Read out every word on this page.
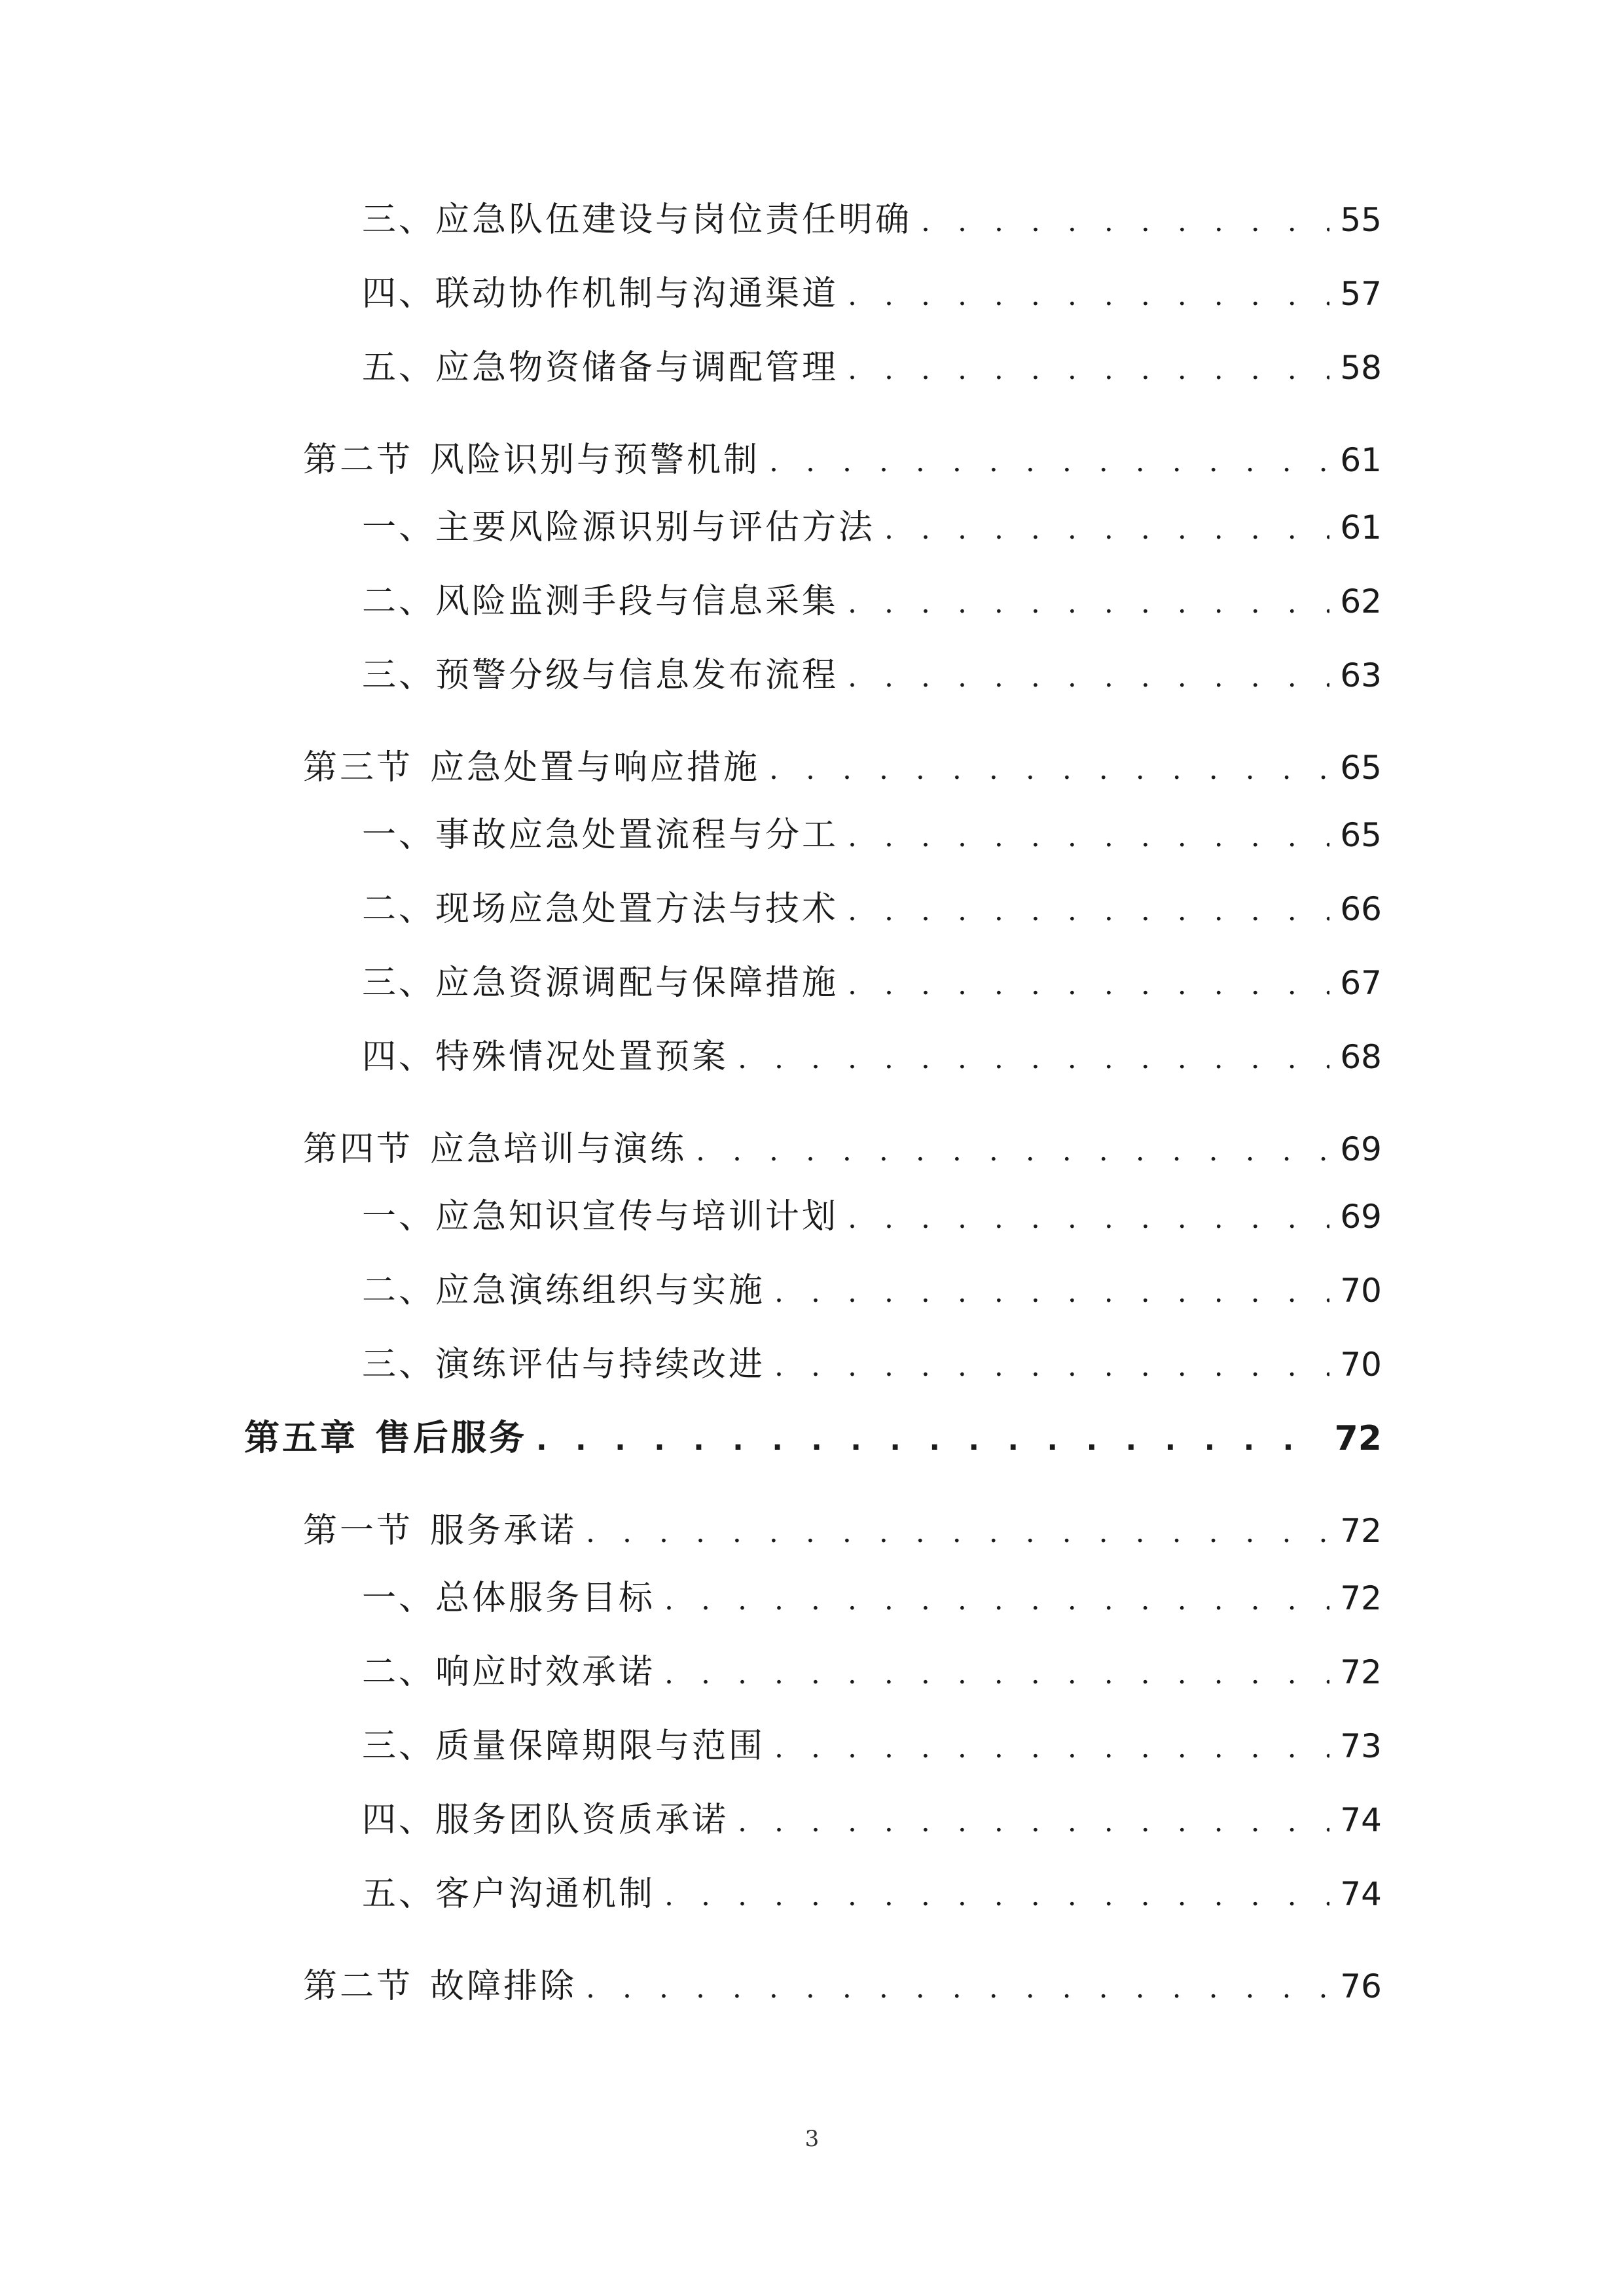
三、应急队伍建设与岗位责任明确 . . .	55
四、联动协作机制与沟通渠道 . . .	57
五、应急物资储备与调配管理 . . .	58
第二节 风险识别与预警机制 . . .	61
一、主要风险源识别与评估方法 . . .	61
二、风险监测手段与信息采集 . . .	62
三、预警分级与信息发布流程 . . .	63
第三节 应急处置与响应措施 . . .	65
一、事故应急处置流程与分工 . . .	65
二、现场应急处置方法与技术 . . .	66
三、应急资源调配与保障措施 . . .	67
四、特殊情况处置预案 . . .	68
第四节 应急培训与演练 . . .	69
一、应急知识宣传与培训计划 . . .	69
二、应急演练组织与实施 . . .	70
三、演练评估与持续改进 . . .	70
第五章 售后服务 . . .	72
第一节 服务承诺 . . .	72
一、总体服务目标 . . .	72
二、响应时效承诺 . . .	72
三、质量保障期限与范围 . . .	73
四、服务团队资质承诺 . . .	74
五、客户沟通机制 . . .	74
第二节 故障排除 . . .	76
3
